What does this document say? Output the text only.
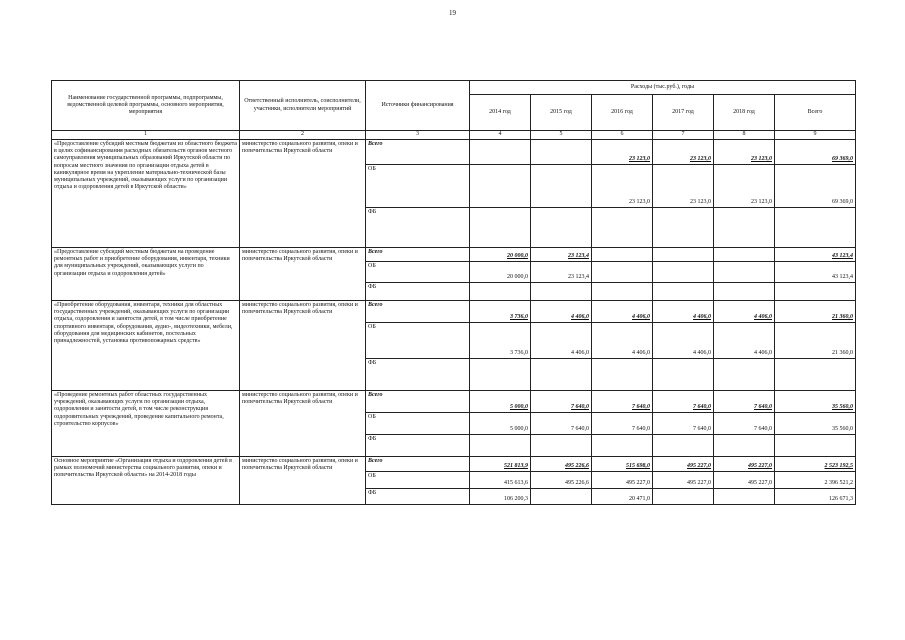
19
Наименование государственной программы, подпрограммы, ведомственной целевой программы, основного мероприятия, мероприятия	Ответственный исполнитель, соисполнители, участники, исполнители мероприятий	Источники финансирования	Расходы (тыс.руб.), годы					
			2014 год	2015 год	2016 год	2017 год	2018 год	Всего
1	2	3	4	5	6	7	8	9
«Предоставление субсидий местным бюджетам из областного бюджета в целях софинансирования расходных обязательств органов местного самоуправления муниципальных образований Иркутской области по вопросам местного значения по организации отдыха детей в каникулярное время на укрепление материально-технической базы муниципальных учреждений, оказывающих услуги по организации отдыха и оздоровления детей в Иркутской области»	министерство социального развития, опеки и попечительства Иркутской области	Всего			23 123,0	23 123,0	23 123,0	69 369,0
		ОБ			23 123,0	23 123,0	23 123,0	69 369,0
		ФБ						
«Предоставление субсидий местным бюджетам на проведение ремонтных работ и приобретение оборудования, инвентаря, техники для муниципальных учреждений, оказывающих услуги по организации отдыха и оздоровления детей»	министерство социального развития, опеки и попечительства Иркутской области	Всего	20 000,0	23 123,4				43 123,4
		ОБ	20 000,0	23 123,4				43 123,4
		ФБ						
«Приобретение оборудования, инвентаря, техники для областных государственных учреждений, оказывающих услуги по организации отдыха, оздоровления и занятости детей, в том числе приобретение спортивного инвентаря, оборудования, аудио-, видеотехники, мебели, оборудования для медицинских кабинетов, постельных принадлежностей, установка противопожарных средств»	министерство социального развития, опеки и попечительства Иркутской области	Всего	3 736,0	4 406,0	4 406,0	4 406,0	4 406,0	21 360,0
		ОБ	3 736,0	4 406,0	4 406,0	4 406,0	4 406,0	21 360,0
		ФБ						
«Проведение ремонтных работ областных государственных учреждений, оказывающих услуги по организации отдыха, оздоровления и занятости детей, в том числе реконструкция оздоровительных учреждений, проведение капитального ремонта, строительство корпусов»	министерство социального развития, опеки и попечительства Иркутской области	Всего	5 000,0	7 640,0	7 640,0	7 640,0	7 640,0	35 560,0
		ОБ	5 000,0	7 640,0	7 640,0	7 640,0	7 640,0	35 560,0
		ФБ						
Основное мероприятие «Организация отдыха и оздоровления детей в рамках полномочий министерства социального развития, опеки и попечительства Иркутской области» на 2014-2018 годы	министерство социального развития, опеки и попечительства Иркутской области	Всего	521 813,9	495 226,6	515 698,0	495 227,0	495 227,0	2 523 192,5
		ОБ	415 613,6	495 226,6	495 227,0	495 227,0	495 227,0	2 396 521,2
		ФБ	106 200,3		20 471,0			126 671,3
